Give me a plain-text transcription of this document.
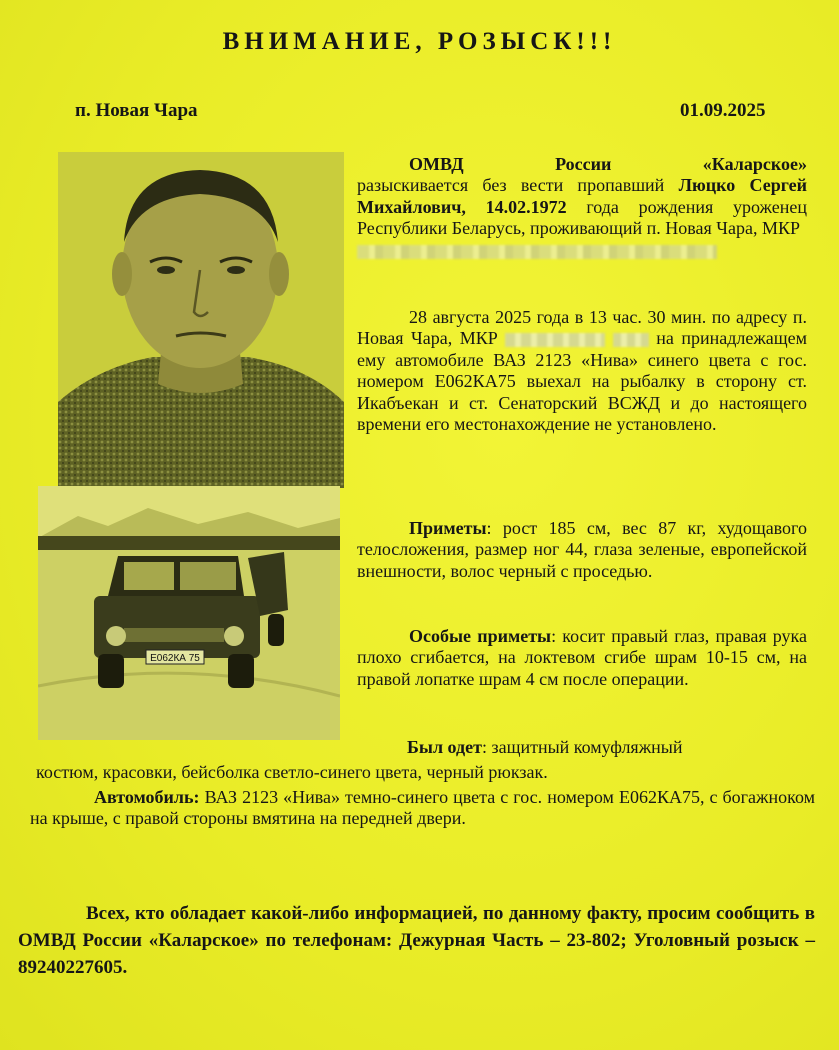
ВНИМАНИЕ, РОЗЫСК!!!
п. Новая Чара	01.09.2025
Е062КА 75

ОМВД России «Каларское» разыскивается без вести пропавший Люцко Сергей Михайлович, 14.02.1972 года рождения уроженец Республики Беларусь, проживающий п. Новая Чара, МКР

28 августа 2025 года в 13 час. 30 мин. по адресу п. Новая Чара, МКР	на принадлежащем ему автомобиле ВАЗ 2123 «Нива» синего цвета с гос. номером Е062КА75 выехал на рыбалку в сторону ст. Икабъекан и ст. Сенаторский ВСЖД и до настоящего времени его местонахождение не установлено.

Приметы: рост 185 см, вес 87 кг, худощавого телосложения, размер ног 44, глаза зеленые, европейской внешности, волос черный с проседью.

Особые приметы: косит правый глаз, правая рука плохо сгибается, на локтевом сгибе шрам 10-15 см, на правой лопатке шрам 4 см после операции.

Был одет: защитный комуфляжный

костюм, красовки, бейсболка светло-синего цвета, черный рюкзак.

Автомобиль: ВАЗ 2123 «Нива» темно-синего цвета с гос. номером Е062КА75, с богажноком на крыше, с правой стороны вмятина на передней двери.

Всех, кто обладает какой-либо информацией, по данному факту, просим сообщить в ОМВД России «Каларское» по телефонам: Дежурная Часть – 23-802; Уголовный розыск – 89240227605.
